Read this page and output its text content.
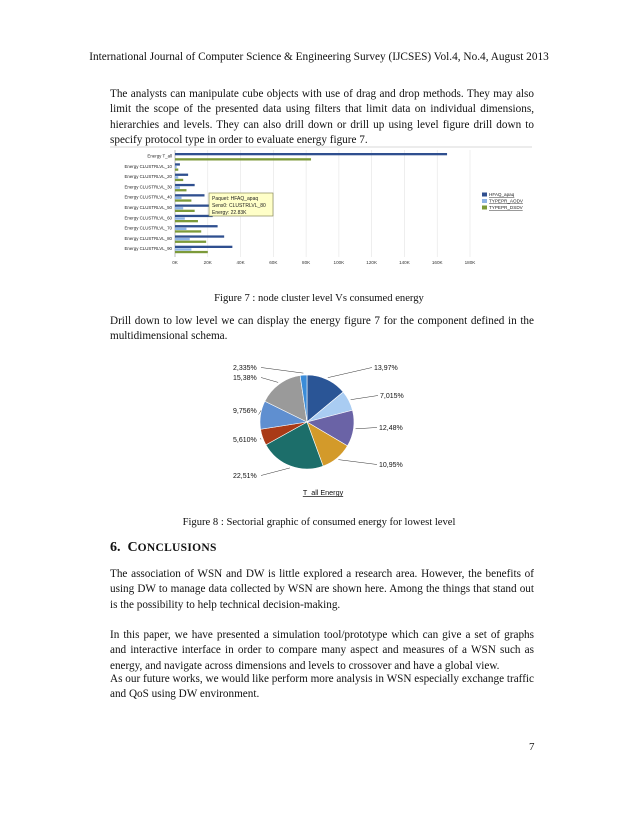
International Journal of Computer Science & Engineering Survey (IJCSES) Vol.4, No.4, August 2013

The analysts can manipulate cube objects with use of drag and drop methods. They may also limit the scope of the presented data using filters that limit data on individual dimensions, hierarchies and levels. They can also drill down or drill up using level figure drill down to specify protocol type in order to evaluate energy figure 7.

Energy T_all
Energy CLUSTRLVL_10
Energy CLUSTRLVL_20
Energy CLUSTRLVL_30
Energy CLUSTRLVL_40
Energy CLUSTRLVL_50
Energy CLUSTRLVL_60
Energy CLUSTRLVL_70
Energy CLUSTRLVL_80
Energy CLUSTRLVL_90
0K	20K	40K	60K	80K	100K	120K	140K	160K	180K
HFAQ_apaq
TYPEPR_AODV
TYPEPR_DSDV
Paquet: HFAQ_apaq
Sens0: CLUSTRLVL_80
Energy: 22.83K
Figure 7 : node cluster level Vs consumed energy

Drill down to low level we can display the energy figure 7 for the component defined in the multidimensional schema.

13,97%
7,015%
12,48%
10,95%
22,51%
5,610%
9,756%
15,38%
2,335%
T_all Energy
Figure 8 : Sectorial graphic of consumed energy for lowest level
6. CONCLUSIONS

The association of WSN and DW is little explored a research area. However, the benefits of using DW to manage data collected by WSN are shown here. Among the things that stand out is the possibility to help technical decision-making.

In this paper, we have presented a simulation tool/prototype which can give a set of graphs and interactive interface in order to compare many aspect and measures of a WSN such as energy, and navigate across dimensions and levels to crossover and have a global view.

As our future works, we would like perform more analysis in WSN especially exchange traffic and QoS using DW environment.

7
